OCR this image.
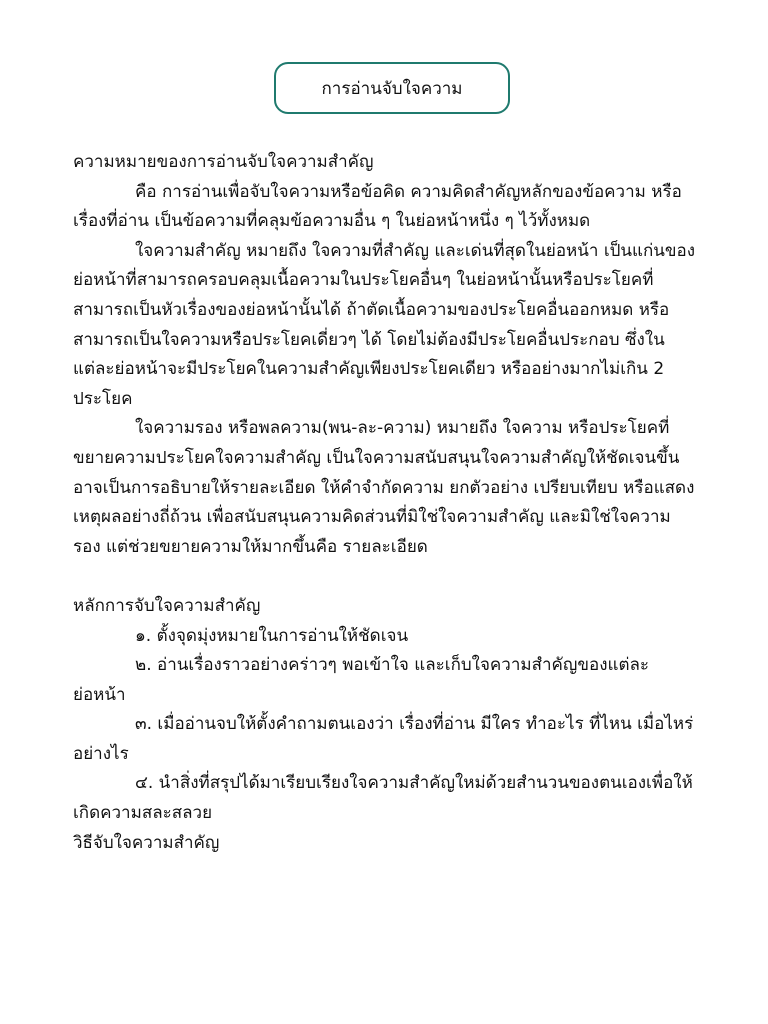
การอ่านจับใจความ

ความหมายของการอ่านจับใจความสำคัญ

คือ การอ่านเพื่อจับใจความหรือข้อคิด ความคิดสำคัญหลักของข้อความ หรือเรื่องที่อ่าน เป็นข้อความที่คลุมข้อความอื่น ๆ ในย่อหน้าหนึ่ง ๆ ไว้ทั้งหมด

ใจความสำคัญ หมายถึง ใจความที่สำคัญ และเด่นที่สุดในย่อหน้า เป็นแก่นของย่อหน้าที่สามารถครอบคลุมเนื้อความในประโยคอื่นๆ ในย่อหน้านั้นหรือประโยคที่สามารถเป็นหัวเรื่องของย่อหน้านั้นได้ ถ้าตัดเนื้อความของประโยคอื่นออกหมด หรือสามารถเป็นใจความหรือประโยคเดี่ยวๆ ได้ โดยไม่ต้องมีประโยคอื่นประกอบ ซึ่งในแต่ละย่อหน้าจะมีประโยคในความสำคัญเพียงประโยคเดียว หรืออย่างมากไม่เกิน 2 ประโยค

ใจความรอง หรือพลความ(พน-ละ-ความ) หมายถึง ใจความ หรือประโยคที่ขยายความประโยคใจความสำคัญ เป็นใจความสนับสนุนใจความสำคัญให้ชัดเจนขึ้น อาจเป็นการอธิบายให้รายละเอียด ให้คำจำกัดความ ยกตัวอย่าง เปรียบเทียบ หรือแสดงเหตุผลอย่างถี่ถ้วน เพื่อสนับสนุนความคิดส่วนที่มิใช่ใจความสำคัญ และมิใช่ใจความรอง แต่ช่วยขยายความให้มากขึ้นคือ รายละเอียด

หลักการจับใจความสำคัญ

๑. ตั้งจุดมุ่งหมายในการอ่านให้ชัดเจน

๒. อ่านเรื่องราวอย่างคร่าวๆ พอเข้าใจ และเก็บใจความสำคัญของแต่ละย่อหน้า

๓. เมื่ออ่านจบให้ตั้งคำถามตนเองว่า เรื่องที่อ่าน มีใคร ทำอะไร ที่ไหน เมื่อไหร่ อย่างไร

๔. นำสิ่งที่สรุปได้มาเรียบเรียงใจความสำคัญใหม่ด้วยสำนวนของตนเองเพื่อให้เกิดความสละสลวย

วิธีจับใจความสำคัญ
